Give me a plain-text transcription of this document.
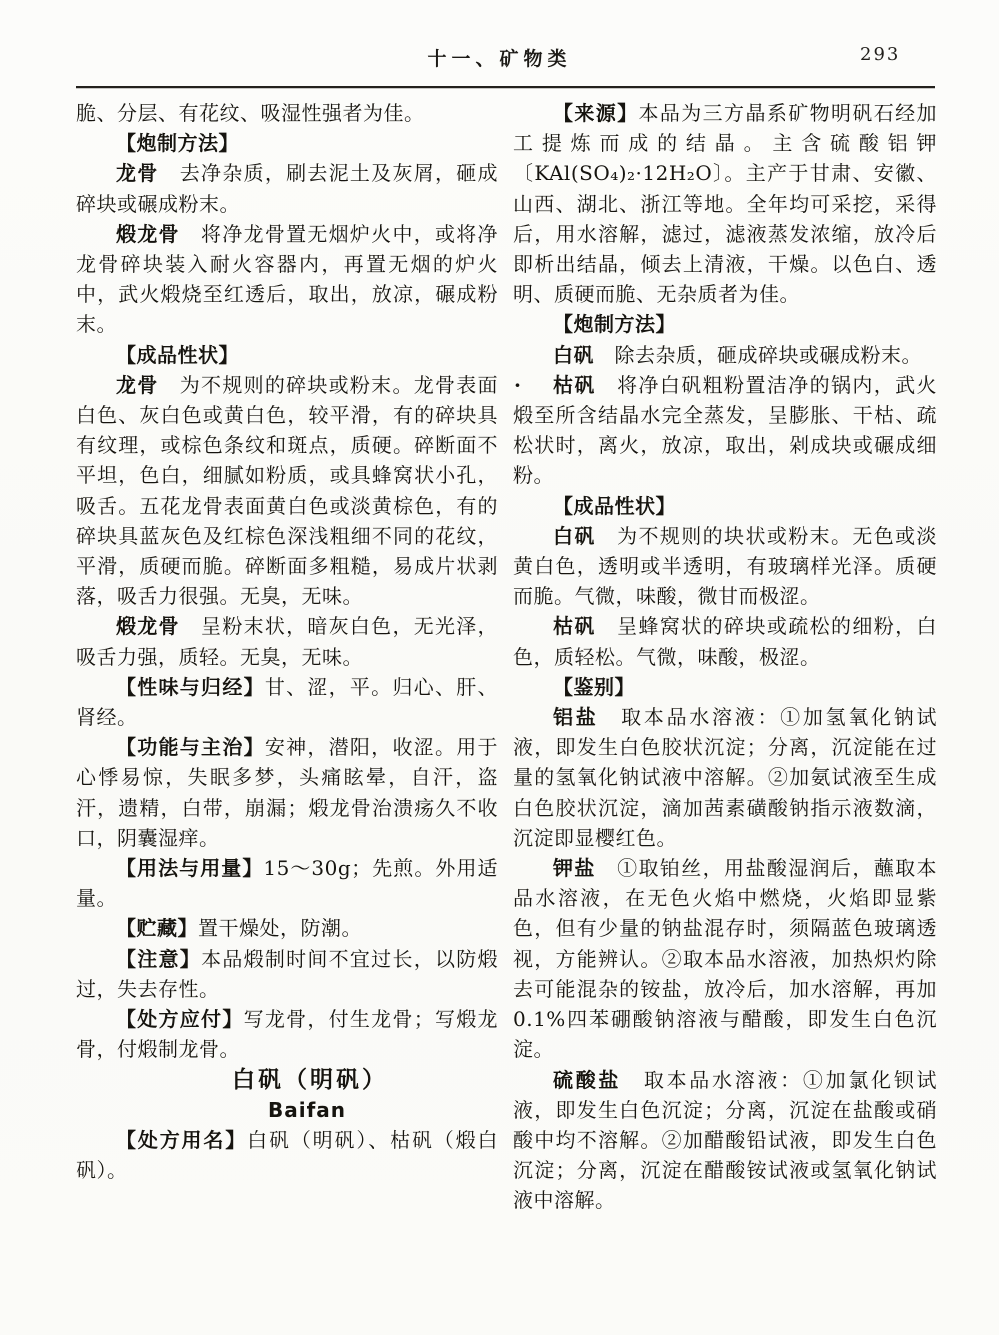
十一、矿物类	293

脆、分层、有花纹、吸湿性强者为佳。

【炮制方法】

龙骨　去净杂质，刷去泥土及灰屑，砸成碎块或碾成粉末。

煅龙骨　将净龙骨置无烟炉火中，或将净龙骨碎块装入耐火容器内，再置无烟的炉火中，武火煅烧至红透后，取出，放凉，碾成粉末。

【成品性状】

龙骨　为不规则的碎块或粉末。龙骨表面白色、灰白色或黄白色，较平滑，有的碎块具有纹理，或棕色条纹和斑点，质硬。碎断面不平坦，色白，细腻如粉质，或具蜂窝状小孔，吸舌。五花龙骨表面黄白色或淡黄棕色，有的碎块具蓝灰色及红棕色深浅粗细不同的花纹，平滑，质硬而脆。碎断面多粗糙，易成片状剥落，吸舌力很强。无臭，无味。

煅龙骨　呈粉末状，暗灰白色，无光泽，吸舌力强，质轻。无臭，无味。

【性味与归经】甘、涩，平。归心、肝、肾经。

【功能与主治】安神，潜阳，收涩。用于心悸易惊，失眠多梦，头痛眩晕，自汗，盗汗，遗精，白带，崩漏；煅龙骨治溃疡久不收口，阴囊湿痒。

【用法与用量】15～30g；先煎。外用适量。

【贮藏】置干燥处，防潮。

【注意】本品煅制时间不宜过长，以防煅过，失去存性。

【处方应付】写龙骨，付生龙骨；写煅龙骨，付煅制龙骨。

白矾（明矾）

Baifan

【处方用名】白矾（明矾）、枯矾（煅白矾）。

【来源】本品为三方晶系矿物明矾石经加工提炼而成的结晶。主含硫酸铝钾〔KAl(SO₄)₂·12H₂O〕。主产于甘肃、安徽、山西、湖北、浙江等地。全年均可采挖，采得后，用水溶解，滤过，滤液蒸发浓缩，放冷后即析出结晶，倾去上清液，干燥。以色白、透明、质硬而脆、无杂质者为佳。

【炮制方法】

白矾　除去杂质，砸成碎块或碾成粉末。

· 枯矾　将净白矾粗粉置洁净的锅内，武火煅至所含结晶水完全蒸发，呈膨胀、干枯、疏松状时，离火，放凉，取出，剁成块或碾成细粉。

【成品性状】

白矾　为不规则的块状或粉末。无色或淡黄白色，透明或半透明，有玻璃样光泽。质硬而脆。气微，味酸，微甘而极涩。

枯矾　呈蜂窝状的碎块或疏松的细粉，白色，质轻松。气微，味酸，极涩。

【鉴别】

铝盐　取本品水溶液：①加氢氧化钠试液，即发生白色胶状沉淀；分离，沉淀能在过量的氢氧化钠试液中溶解。②加氨试液至生成白色胶状沉淀，滴加茜素磺酸钠指示液数滴，沉淀即显樱红色。

钾盐　①取铂丝，用盐酸湿润后，蘸取本品水溶液，在无色火焰中燃烧，火焰即显紫色，但有少量的钠盐混存时，须隔蓝色玻璃透视，方能辨认。②取本品水溶液，加热炽灼除去可能混杂的铵盐，放冷后，加水溶解，再加0.1%四苯硼酸钠溶液与醋酸，即发生白色沉淀。

硫酸盐　取本品水溶液：①加氯化钡试液，即发生白色沉淀；分离，沉淀在盐酸或硝酸中均不溶解。②加醋酸铅试液，即发生白色沉淀；分离，沉淀在醋酸铵试液或氢氧化钠试液中溶解。
